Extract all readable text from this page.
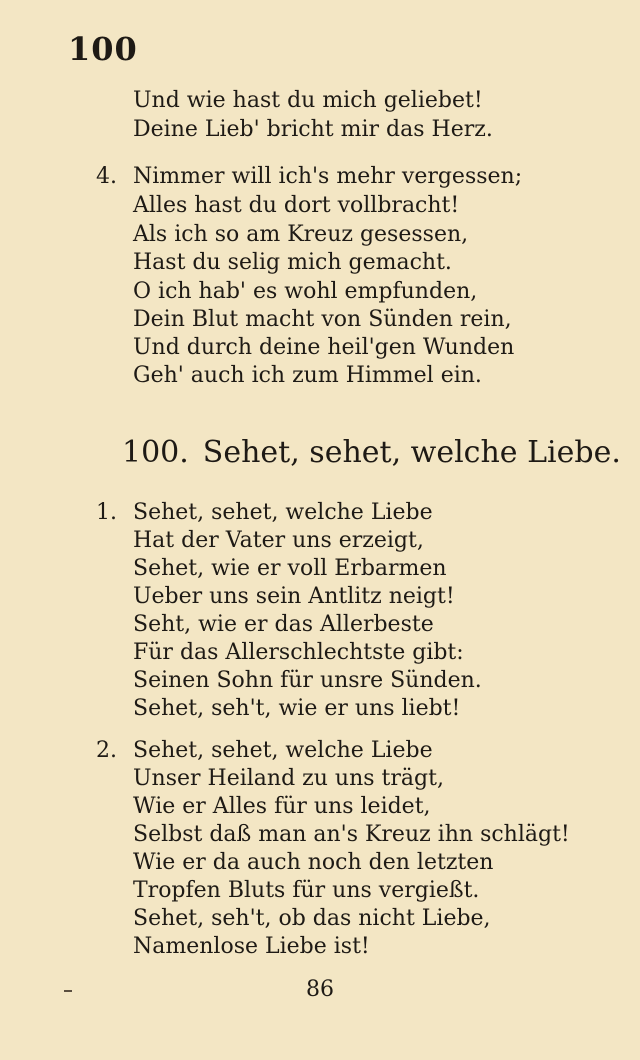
100
Und wie hast du mich geliebet!
Deine Lieb' bricht mir das Herz.
4. Nimmer will ich's mehr vergessen;
Alles hast du dort vollbracht!
Als ich so am Kreuz gesessen,
Hast du selig mich gemacht.
O ich hab' es wohl empfunden,
Dein Blut macht von Sünden rein,
Und durch deine heil'gen Wunden
Geh' auch ich zum Himmel ein.
100. Sehet, sehet, welche Liebe.
1. Sehet, sehet, welche Liebe
Hat der Vater uns erzeigt,
Sehet, wie er voll Erbarmen
Ueber uns sein Antlitz neigt!
Seht, wie er das Allerbeste
Für das Allerschlechtste gibt:
Seinen Sohn für unsre Sünden.
Sehet, seh't, wie er uns liebt!
2. Sehet, sehet, welche Liebe
Unser Heiland zu uns trägt,
Wie er Alles für uns leidet,
Selbst daß man an's Kreuz ihn schlägt!
Wie er da auch noch den letzten
Tropfen Bluts für uns vergießt.
Sehet, seh't, ob das nicht Liebe,
Namenlose Liebe ist!
86
